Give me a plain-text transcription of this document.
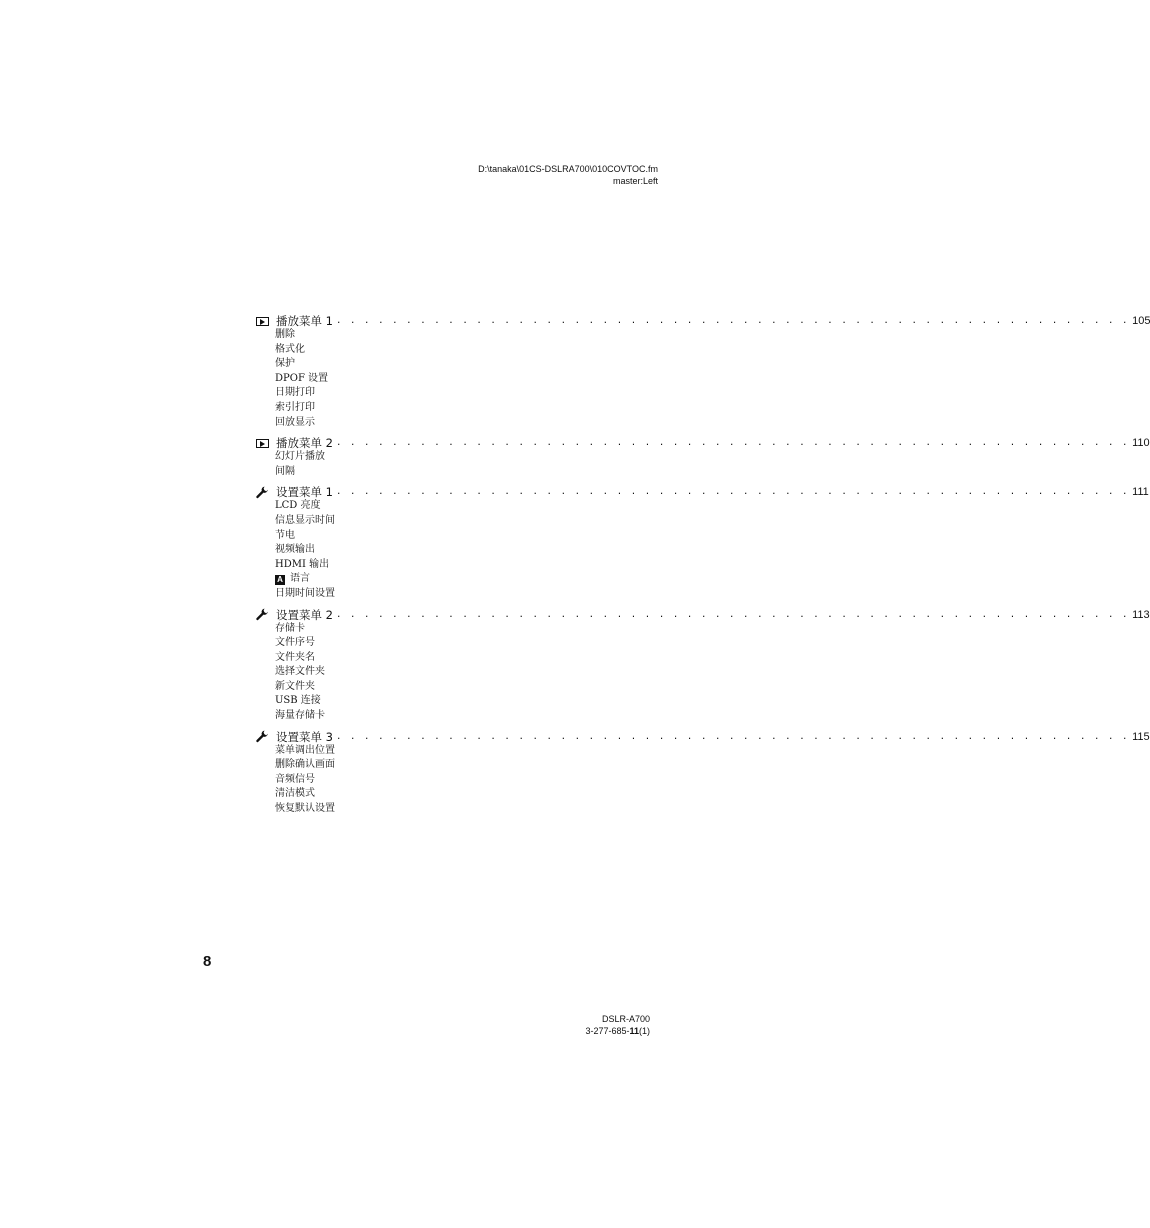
D:\tanaka\01CS-DSLRA700\010COVTOC.fm
master:Left
播放菜单 1 . . . . . . . . . . . . . . . . . . . . . . . . . . . . . . . . . . . . . . . . . . . . . . . . . . . . . . . . . 105
删除
格式化
保护
DPOF 设置
日期打印
索引打印
回放显示
播放菜单 2 . . . . . . . . . . . . . . . . . . . . . . . . . . . . . . . . . . . . . . . . . . . . . . . . . . . . . . . . . 110
幻灯片播放
间隔
设置菜单 1 . . . . . . . . . . . . . . . . . . . . . . . . . . . . . . . . . . . . . . . . . . . . . . . . . . . . . . . . . 111
LCD 亮度
信息显示时间
节电
视频输出
HDMI 输出
A 语言
日期时间设置
设置菜单 2 . . . . . . . . . . . . . . . . . . . . . . . . . . . . . . . . . . . . . . . . . . . . . . . . . . . . . . . . . 113
存储卡
文件序号
文件夹名
选择文件夹
新文件夹
USB 连接
海量存储卡
设置菜单 3 . . . . . . . . . . . . . . . . . . . . . . . . . . . . . . . . . . . . . . . . . . . . . . . . . . . . . . . . . 115
菜单调出位置
删除确认画面
音频信号
清洁模式
恢复默认设置
8
DSLR-A700
3-277-685-11(1)
